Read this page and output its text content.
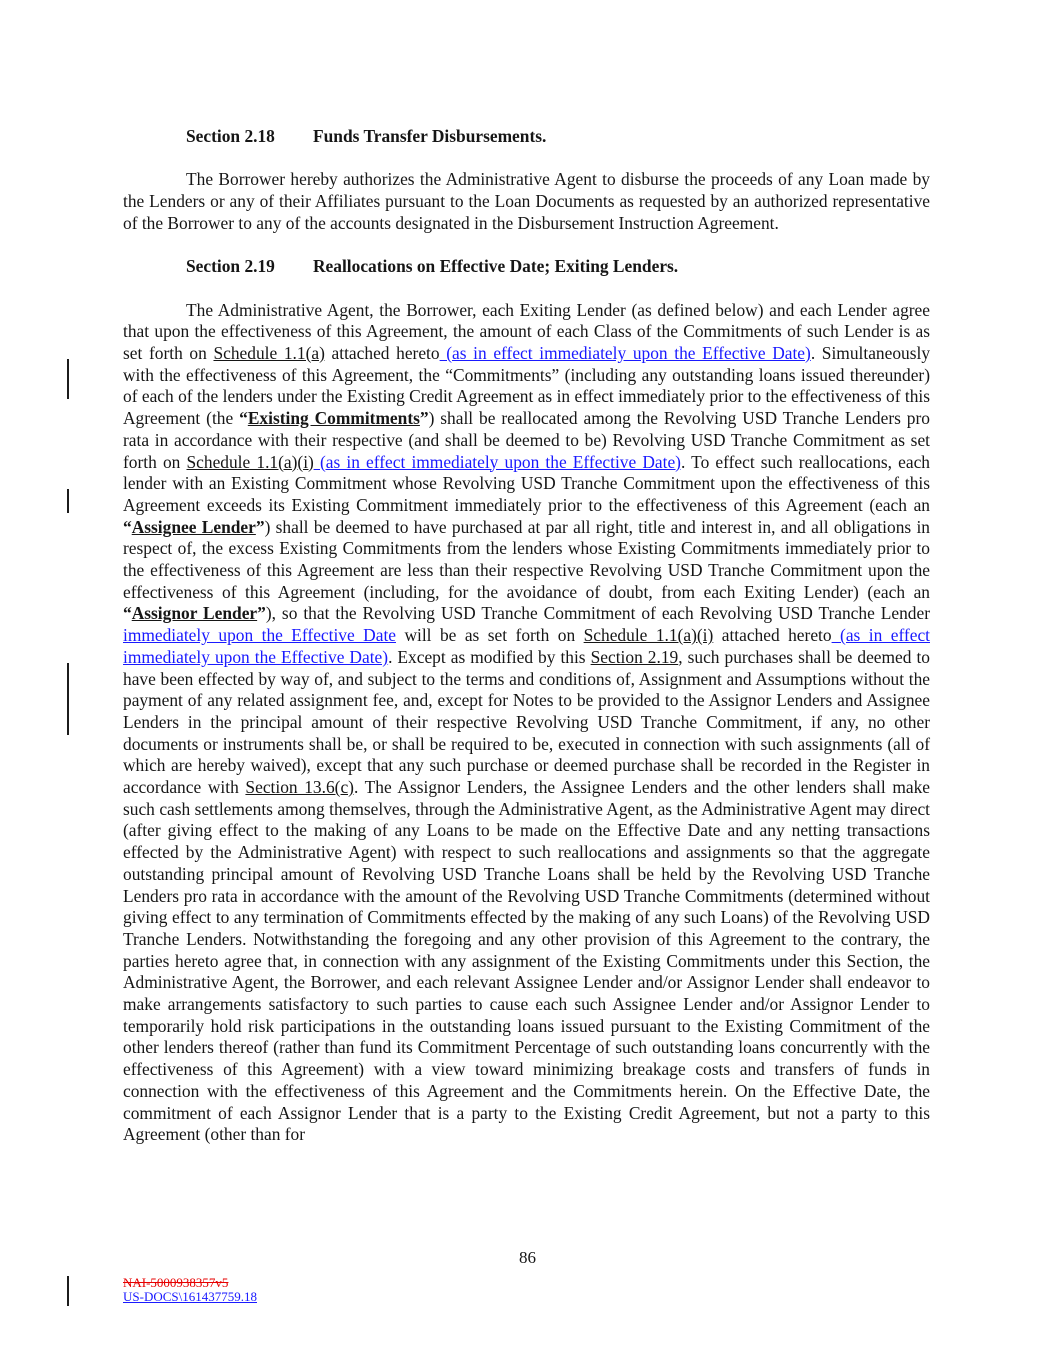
Section 2.18 Funds Transfer Disbursements.

The Borrower hereby authorizes the Administrative Agent to disburse the proceeds of any Loan made by the Lenders or any of their Affiliates pursuant to the Loan Documents as requested by an authorized representative of the Borrower to any of the accounts designated in the Disbursement Instruction Agreement.

Section 2.19 Reallocations on Effective Date; Exiting Lenders.

The Administrative Agent, the Borrower, each Exiting Lender (as defined below) and each Lender agree that upon the effectiveness of this Agreement, the amount of each Class of the Commitments of such Lender is as set forth on Schedule 1.1(a) attached hereto (as in effect immediately upon the Effective Date). Simultaneously with the effectiveness of this Agreement, the “Commitments” (including any outstanding loans issued thereunder) of each of the lenders under the Existing Credit Agreement as in effect immediately prior to the effectiveness of this Agreement (the “Existing Commitments”) shall be reallocated among the Revolving USD Tranche Lenders pro rata in accordance with their respective (and shall be deemed to be) Revolving USD Tranche Commitment as set forth on Schedule 1.1(a)(i) (as in effect immediately upon the Effective Date). To effect such reallocations, each lender with an Existing Commitment whose Revolving USD Tranche Commitment upon the effectiveness of this Agreement exceeds its Existing Commitment immediately prior to the effectiveness of this Agreement (each an “Assignee Lender”) shall be deemed to have purchased at par all right, title and interest in, and all obligations in respect of, the excess Existing Commitments from the lenders whose Existing Commitments immediately prior to the effectiveness of this Agreement are less than their respective Revolving USD Tranche Commitment upon the effectiveness of this Agreement (including, for the avoidance of doubt, from each Exiting Lender) (each an “Assignor Lender”), so that the Revolving USD Tranche Commitment of each Revolving USD Tranche Lender immediately upon the Effective Date will be as set forth on Schedule 1.1(a)(i) attached hereto (as in effect immediately upon the Effective Date). Except as modified by this Section 2.19, such purchases shall be deemed to have been effected by way of, and subject to the terms and conditions of, Assignment and Assumptions without the payment of any related assignment fee, and, except for Notes to be provided to the Assignor Lenders and Assignee Lenders in the principal amount of their respective Revolving USD Tranche Commitment, if any, no other documents or instruments shall be, or shall be required to be, executed in connection with such assignments (all of which are hereby waived), except that any such purchase or deemed purchase shall be recorded in the Register in accordance with Section 13.6(c). The Assignor Lenders, the Assignee Lenders and the other lenders shall make such cash settlements among themselves, through the Administrative Agent, as the Administrative Agent may direct (after giving effect to the making of any Loans to be made on the Effective Date and any netting transactions effected by the Administrative Agent) with respect to such reallocations and assignments so that the aggregate outstanding principal amount of Revolving USD Tranche Loans shall be held by the Revolving USD Tranche Lenders pro rata in accordance with the amount of the Revolving USD Tranche Commitments (determined without giving effect to any termination of Commitments effected by the making of any such Loans) of the Revolving USD Tranche Lenders. Notwithstanding the foregoing and any other provision of this Agreement to the contrary, the parties hereto agree that, in connection with any assignment of the Existing Commitments under this Section, the Administrative Agent, the Borrower, and each relevant Assignee Lender and/or Assignor Lender shall endeavor to make arrangements satisfactory to such parties to cause each such Assignee Lender and/or Assignor Lender to temporarily hold risk participations in the outstanding loans issued pursuant to the Existing Commitment of the other lenders thereof (rather than fund its Commitment Percentage of such outstanding loans concurrently with the effectiveness of this Agreement) with a view toward minimizing breakage costs and transfers of funds in connection with the effectiveness of this Agreement and the Commitments herein. On the Effective Date, the commitment of each Assignor Lender that is a party to the Existing Credit Agreement, but not a party to this Agreement (other than for

86
NAI-5000938357v5
US-DOCS\161437759.18
